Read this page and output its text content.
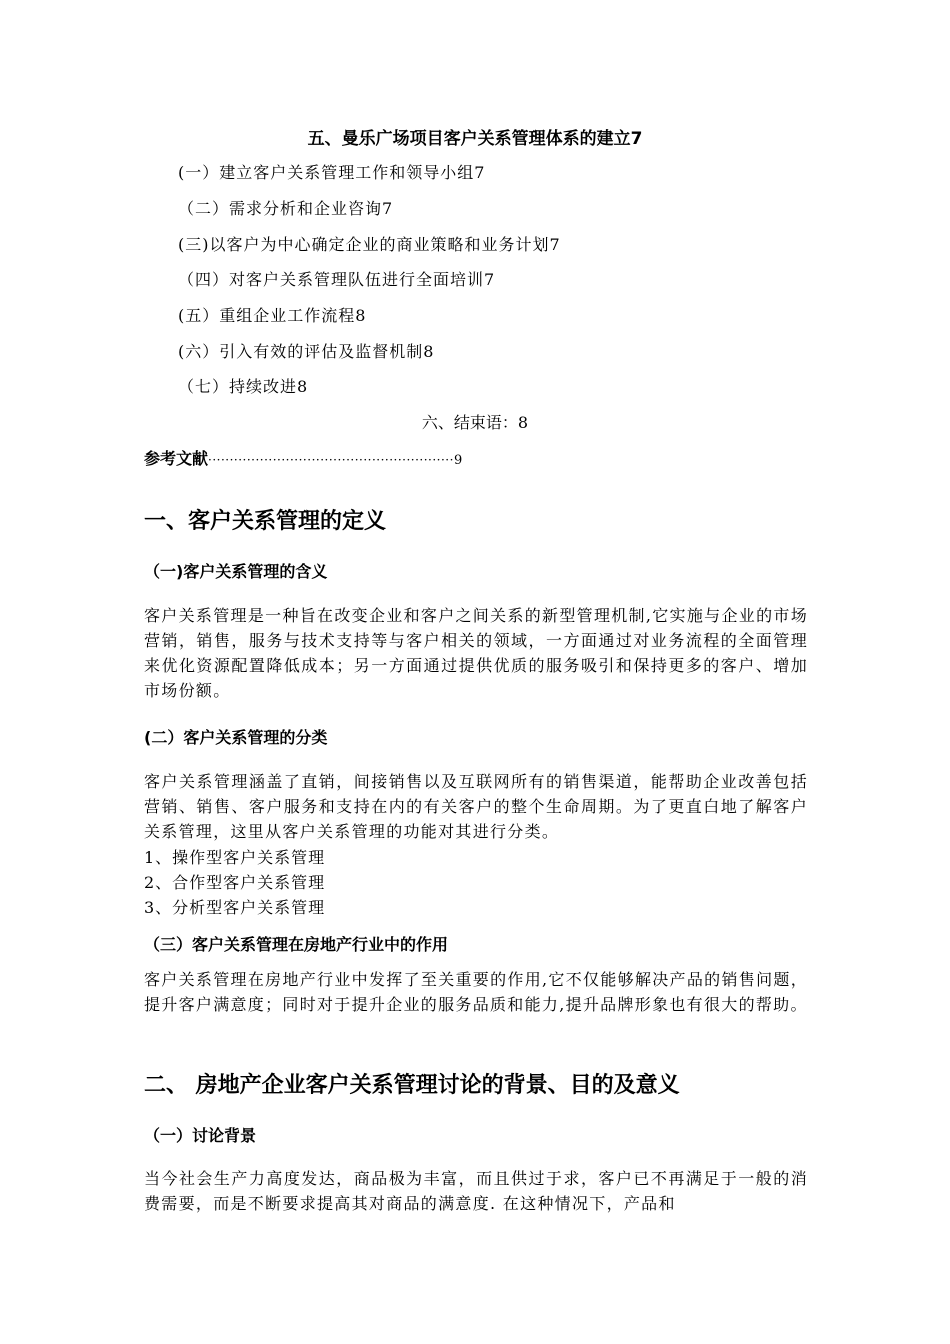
五、曼乐广场项目客户关系管理体系的建立7
(一）建立客户关系管理工作和领导小组7
（二）需求分析和企业咨询7
(三)以客户为中心确定企业的商业策略和业务计划7
（四）对客户关系管理队伍进行全面培训7
(五）重组企业工作流程8
(六）引入有效的评估及监督机制8
（七）持续改进8
六、结束语：8
参考文献·························································9
一、客户关系管理的定义
（一)客户关系管理的含义
客户关系管理是一种旨在改变企业和客户之间关系的新型管理机制,它实施与企业的市场营销，销售，服务与技术支持等与客户相关的领域，一方面通过对业务流程的全面管理来优化资源配置降低成本；另一方面通过提供优质的服务吸引和保持更多的客户、增加市场份额。
(二）客户关系管理的分类
客户关系管理涵盖了直销，间接销售以及互联网所有的销售渠道，能帮助企业改善包括营销、销售、客户服务和支持在内的有关客户的整个生命周期。为了更直白地了解客户关系管理，这里从客户关系管理的功能对其进行分类。
1、操作型客户关系管理
2、合作型客户关系管理
3、分析型客户关系管理
（三）客户关系管理在房地产行业中的作用
客户关系管理在房地产行业中发挥了至关重要的作用,它不仅能够解决产品的销售问题，提升客户满意度；同时对于提升企业的服务品质和能力,提升品牌形象也有很大的帮助。
二、 房地产企业客户关系管理讨论的背景、目的及意义
（一）讨论背景
当今社会生产力高度发达，商品极为丰富，而且供过于求，客户已不再满足于一般的消费需要，而是不断要求提高其对商品的满意度. 在这种情况下，产品和
